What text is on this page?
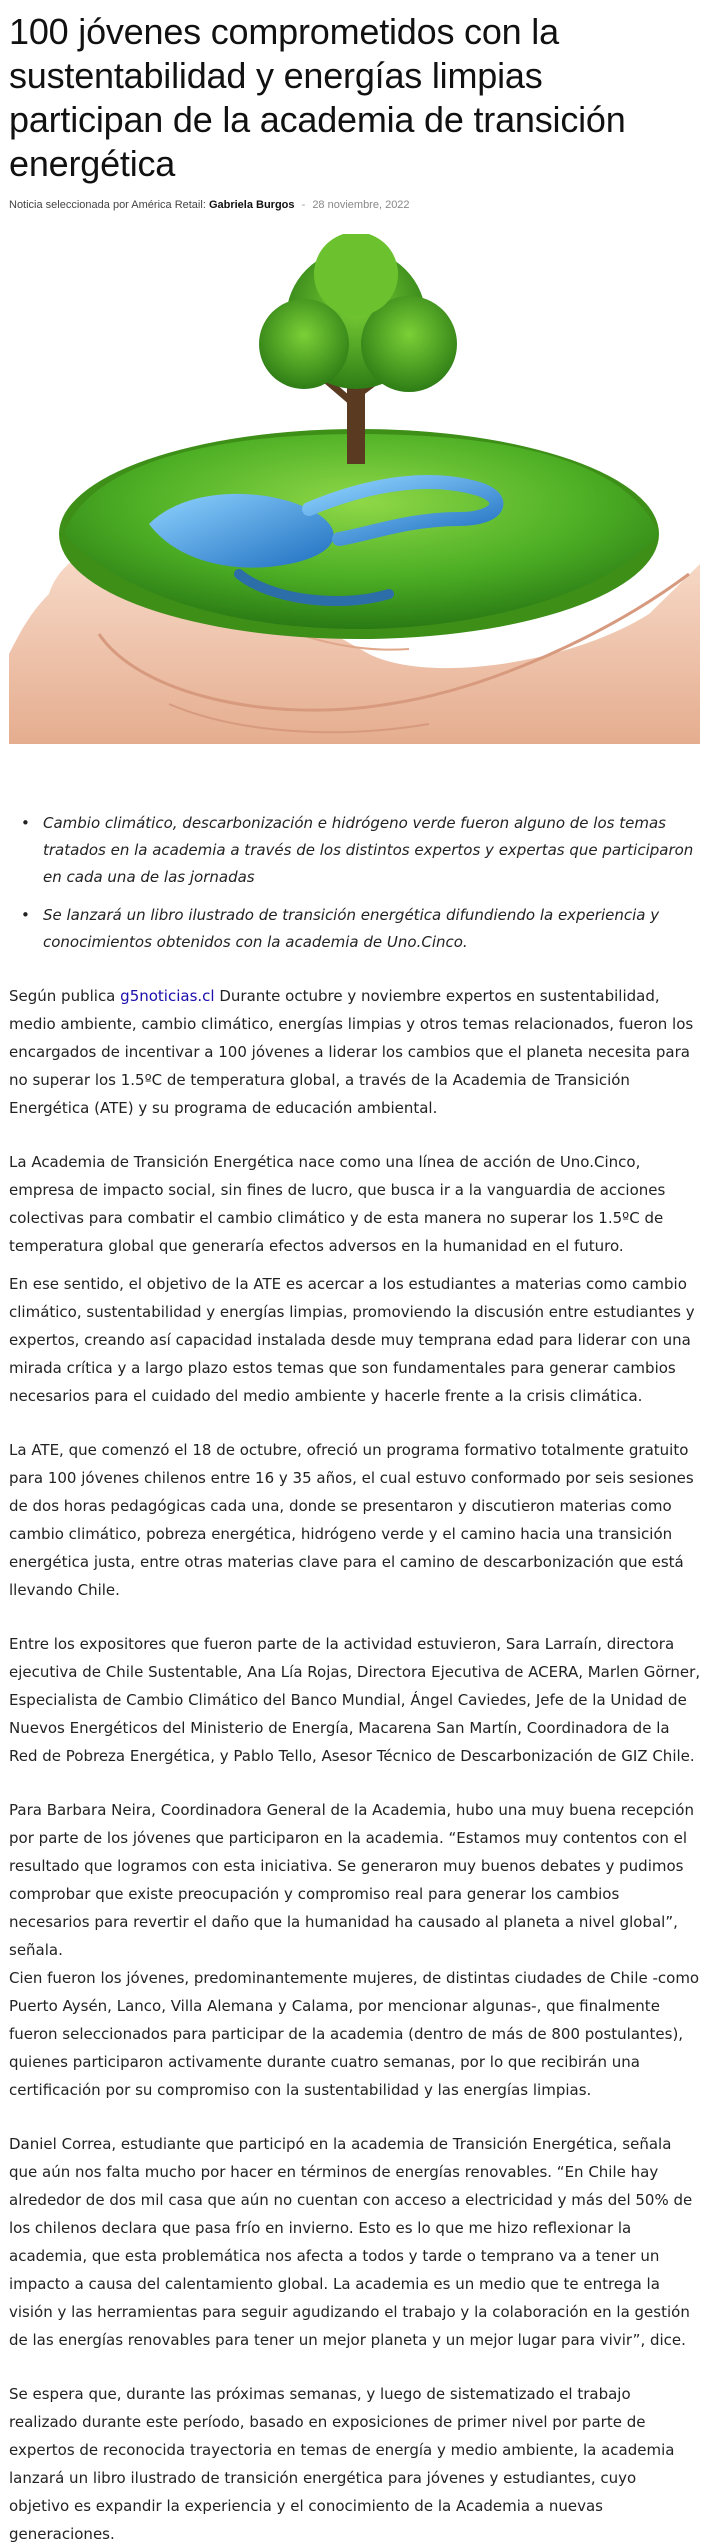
100 jóvenes comprometidos con la sustentabilidad y energías limpias participan de la academia de transición energética
Noticia seleccionada por América Retail: Gabriela Burgos - 28 noviembre, 2022
• Cambio climático, descarbonización e hidrógeno verde fueron alguno de los temas tratados en la academia a través de los distintos expertos y expertas que participaron en cada una de las jornadas
• Se lanzará un libro ilustrado de transición energética difundiendo la experiencia y conocimientos obtenidos con la academia de Uno.Cinco.

Según publica g5noticias.cl Durante octubre y noviembre expertos en sustentabilidad, medio ambiente, cambio climático, energías limpias y otros temas relacionados, fueron los encargados de incentivar a 100 jóvenes a liderar los cambios que el planeta necesita para no superar los 1.5ºC de temperatura global, a través de la Academia de Transición Energética (ATE) y su programa de educación ambiental.

La Academia de Transición Energética nace como una línea de acción de Uno.Cinco, empresa de impacto social, sin fines de lucro, que busca ir a la vanguardia de acciones colectivas para combatir el cambio climático y de esta manera no superar los 1.5ºC de temperatura global que generaría efectos adversos en la humanidad en el futuro.

En ese sentido, el objetivo de la ATE es acercar a los estudiantes a materias como cambio climático, sustentabilidad y energías limpias, promoviendo la discusión entre estudiantes y expertos, creando así capacidad instalada desde muy temprana edad para liderar con una mirada crítica y a largo plazo estos temas que son fundamentales para generar cambios necesarios para el cuidado del medio ambiente y hacerle frente a la crisis climática.

La ATE, que comenzó el 18 de octubre, ofreció un programa formativo totalmente gratuito para 100 jóvenes chilenos entre 16 y 35 años, el cual estuvo conformado por seis sesiones de dos horas pedagógicas cada una, donde se presentaron y discutieron materias como cambio climático, pobreza energética, hidrógeno verde y el camino hacia una transición energética justa, entre otras materias clave para el camino de descarbonización que está llevando Chile.

Entre los expositores que fueron parte de la actividad estuvieron, Sara Larraín, directora ejecutiva de Chile Sustentable, Ana Lía Rojas, Directora Ejecutiva de ACERA, Marlen Görner, Especialista de Cambio Climático del Banco Mundial, Ángel Caviedes, Jefe de la Unidad de Nuevos Energéticos del Ministerio de Energía, Macarena San Martín, Coordinadora de la Red de Pobreza Energética, y Pablo Tello, Asesor Técnico de Descarbonización de GIZ Chile.

Para Barbara Neira, Coordinadora General de la Academia, hubo una muy buena recepción por parte de los jóvenes que participaron en la academia. “Estamos muy contentos con el resultado que logramos con esta iniciativa. Se generaron muy buenos debates y pudimos comprobar que existe preocupación y compromiso real para generar los cambios necesarios para revertir el daño que la humanidad ha causado al planeta a nivel global”, señala.
Cien fueron los jóvenes, predominantemente mujeres, de distintas ciudades de Chile -como Puerto Aysén, Lanco, Villa Alemana y Calama, por mencionar algunas-, que finalmente fueron seleccionados para participar de la academia (dentro de más de 800 postulantes), quienes participaron activamente durante cuatro semanas, por lo que recibirán una certificación por su compromiso con la sustentabilidad y las energías limpias.

Daniel Correa, estudiante que participó en la academia de Transición Energética, señala que aún nos falta mucho por hacer en términos de energías renovables. “En Chile hay alrededor de dos mil casa que aún no cuentan con acceso a electricidad y más del 50% de los chilenos declara que pasa frío en invierno. Esto es lo que me hizo reflexionar la academia, que esta problemática nos afecta a todos y tarde o temprano va a tener un impacto a causa del calentamiento global. La academia es un medio que te entrega la visión y las herramientas para seguir agudizando el trabajo y la colaboración en la gestión de las energías renovables para tener un mejor planeta y un mejor lugar para vivir”, dice.

Se espera que, durante las próximas semanas, y luego de sistematizado el trabajo realizado durante este período, basado en exposiciones de primer nivel por parte de expertos de reconocida trayectoria en temas de energía y medio ambiente, la academia lanzará un libro ilustrado de transición energética para jóvenes y estudiantes, cuyo objetivo es expandir la experiencia y el conocimiento de la Academia a nuevas generaciones.
